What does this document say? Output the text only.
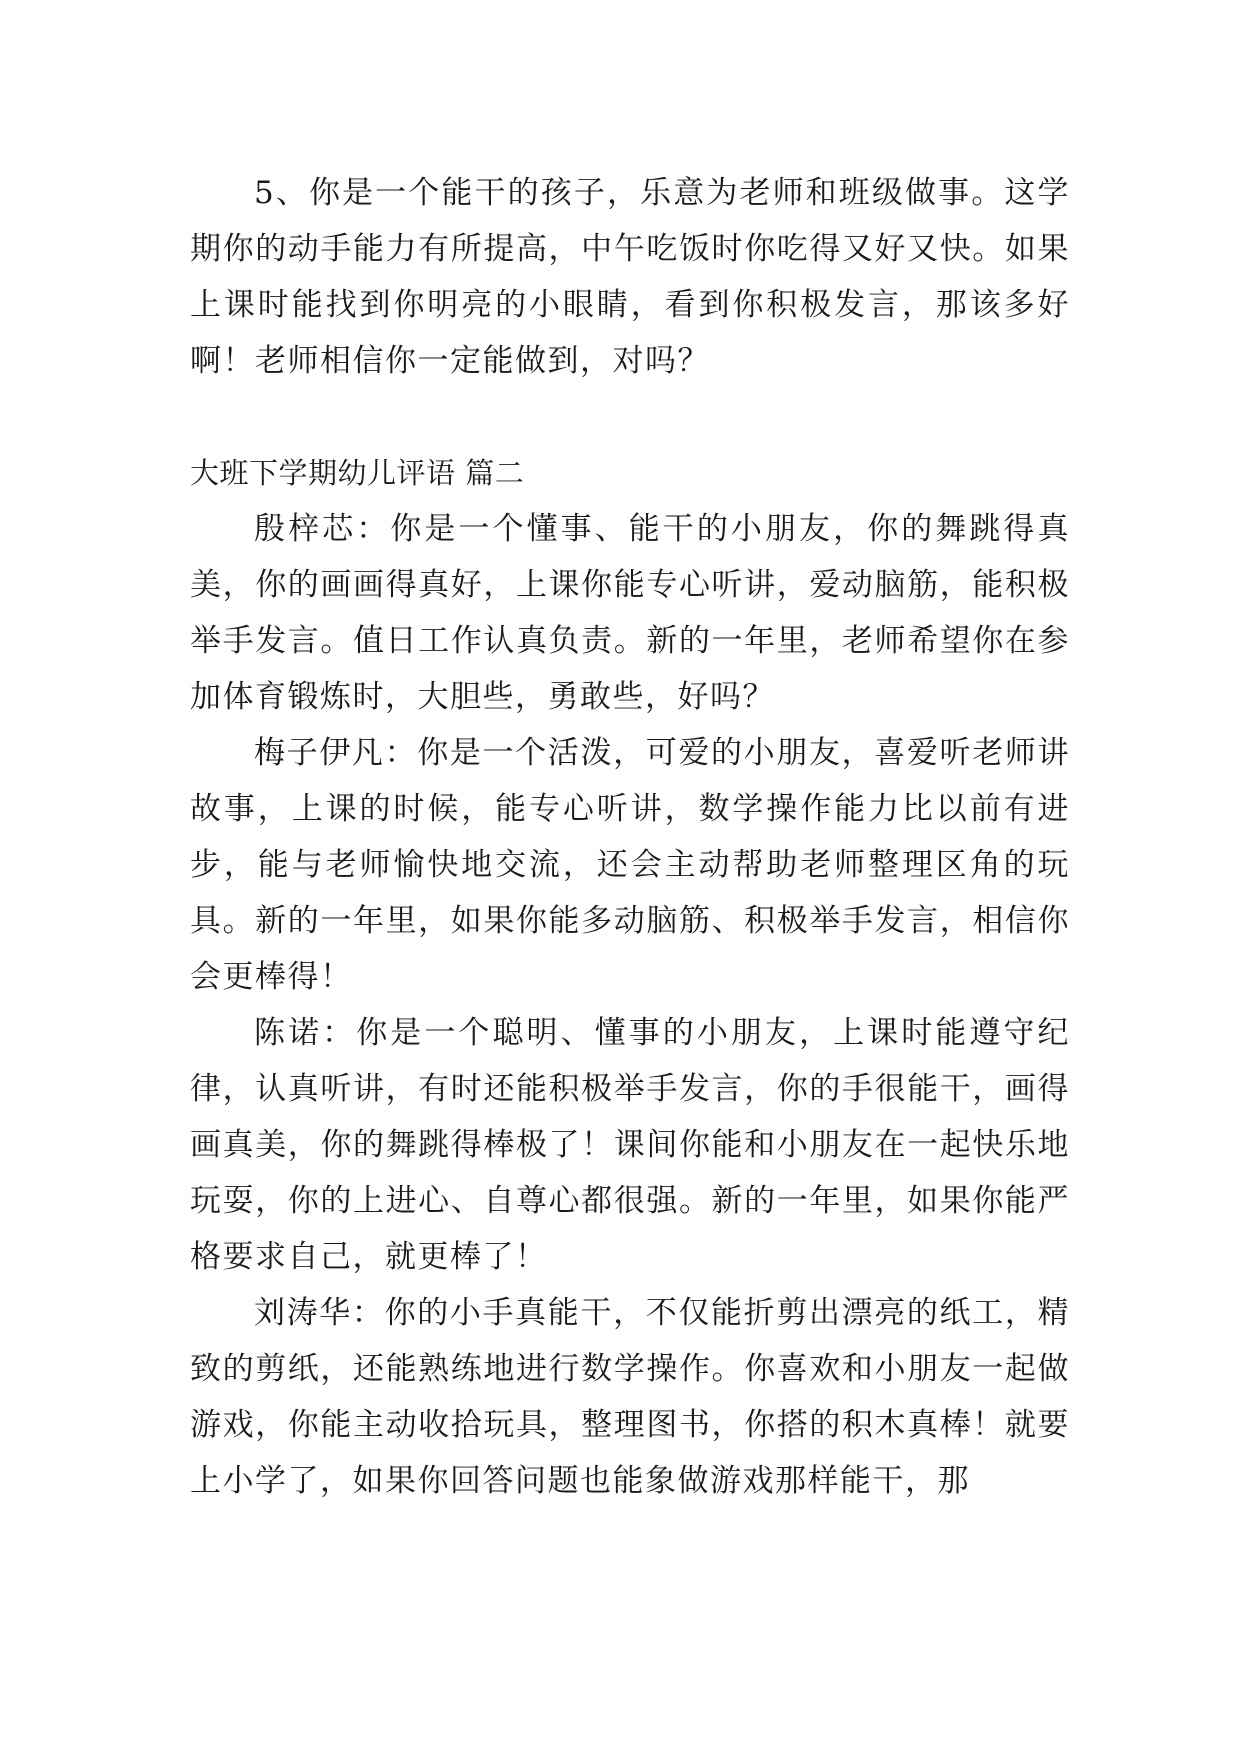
5、你是一个能干的孩子，乐意为老师和班级做事。这学期你的动手能力有所提高，中午吃饭时你吃得又好又快。如果上课时能找到你明亮的小眼睛，看到你积极发言，那该多好啊！老师相信你一定能做到，对吗？

大班下学期幼儿评语 篇二

殷梓芯：你是一个懂事、能干的小朋友，你的舞跳得真美，你的画画得真好，上课你能专心听讲，爱动脑筋，能积极举手发言。值日工作认真负责。新的一年里，老师希望你在参加体育锻炼时，大胆些，勇敢些，好吗？

梅子伊凡：你是一个活泼，可爱的小朋友，喜爱听老师讲故事，上课的时候，能专心听讲，数学操作能力比以前有进步，能与老师愉快地交流，还会主动帮助老师整理区角的玩具。新的一年里，如果你能多动脑筋、积极举手发言，相信你会更棒得！

陈诺：你是一个聪明、懂事的小朋友，上课时能遵守纪律，认真听讲，有时还能积极举手发言，你的手很能干，画得画真美，你的舞跳得棒极了！课间你能和小朋友在一起快乐地玩耍，你的上进心、自尊心都很强。新的一年里，如果你能严格要求自己，就更棒了！

刘涛华：你的小手真能干，不仅能折剪出漂亮的纸工，精致的剪纸，还能熟练地进行数学操作。你喜欢和小朋友一起做游戏，你能主动收拾玩具，整理图书，你搭的积木真棒！就要上小学了，如果你回答问题也能象做游戏那样能干，那
